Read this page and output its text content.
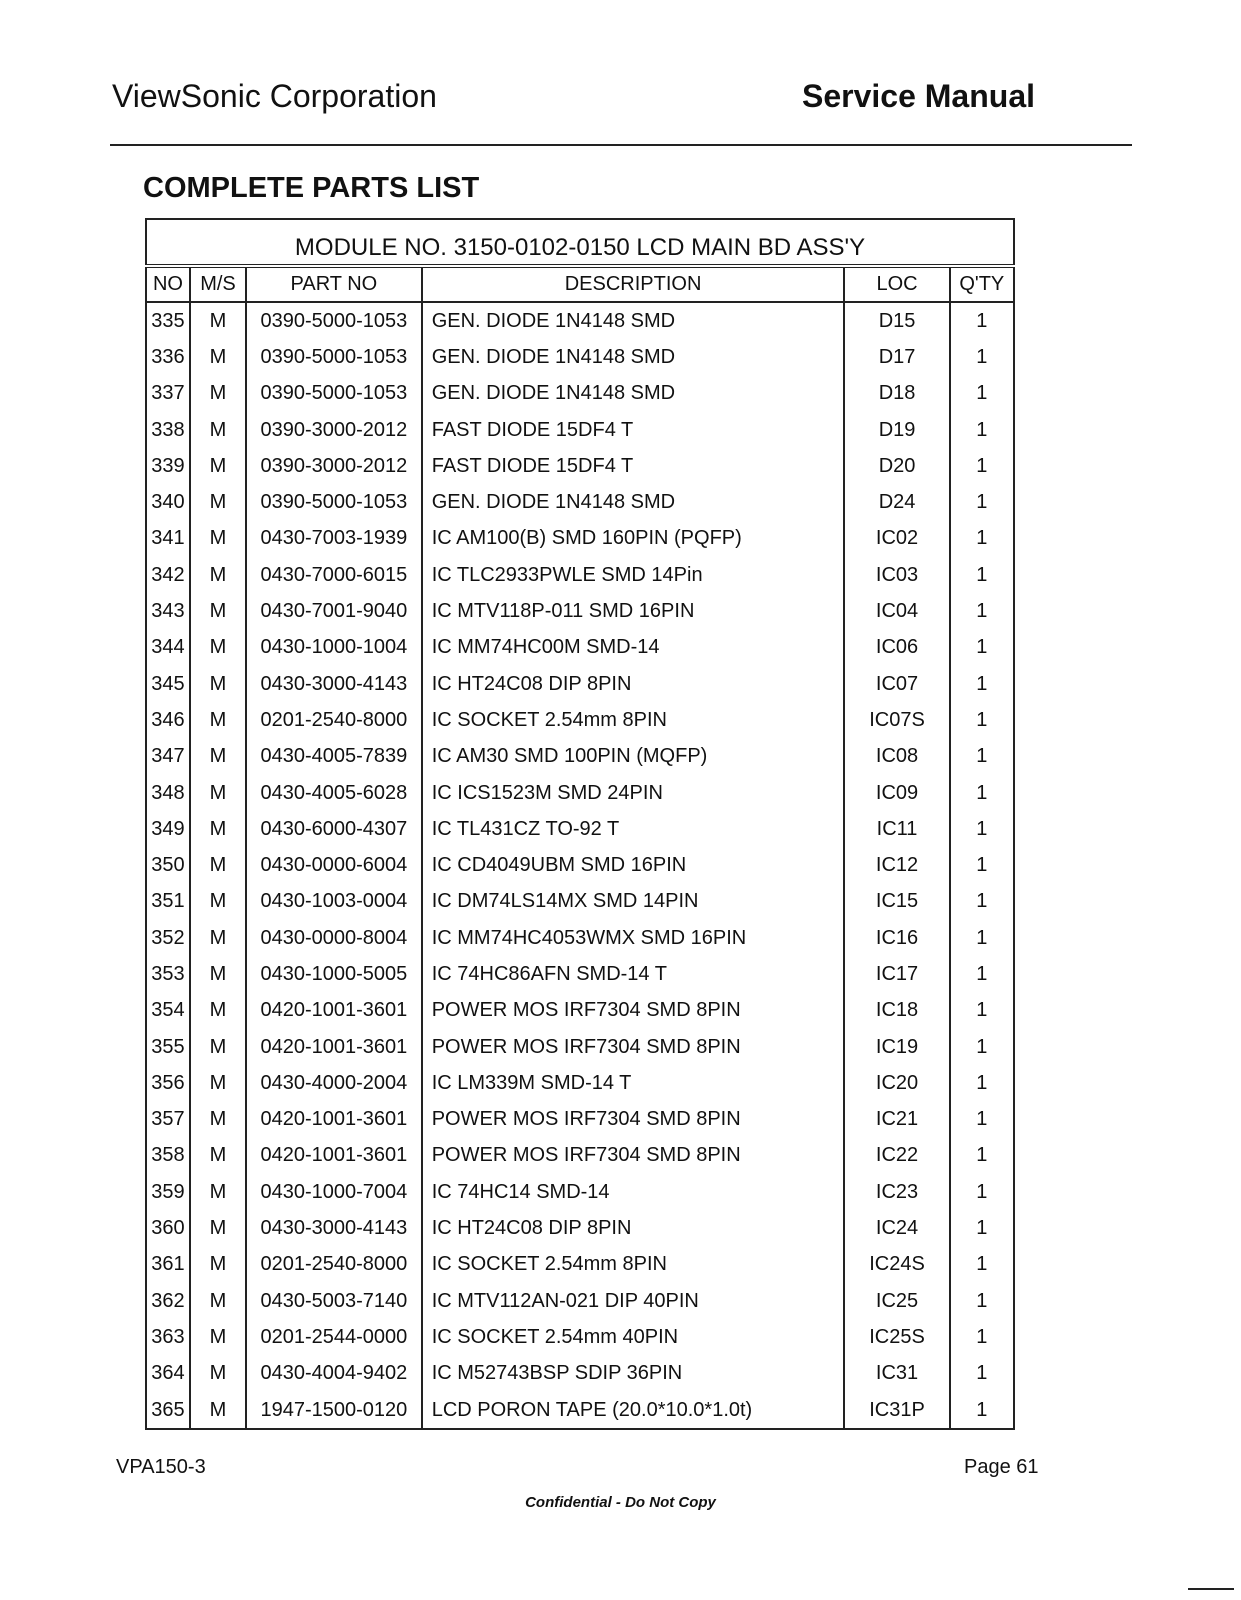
ViewSonic Corporation	Service Manual
COMPLETE PARTS LIST
MODULE NO. 3150-0102-0150 LCD MAIN BD ASS'Y					
NO	M/S	PART NO	DESCRIPTION	LOC	Q'TY
335	M	0390-5000-1053	GEN. DIODE 1N4148 SMD	D15	1
336	M	0390-5000-1053	GEN. DIODE 1N4148 SMD	D17	1
337	M	0390-5000-1053	GEN. DIODE 1N4148 SMD	D18	1
338	M	0390-3000-2012	FAST DIODE 15DF4 T	D19	1
339	M	0390-3000-2012	FAST DIODE 15DF4 T	D20	1
340	M	0390-5000-1053	GEN. DIODE 1N4148 SMD	D24	1
341	M	0430-7003-1939	IC AM100(B) SMD 160PIN (PQFP)	IC02	1
342	M	0430-7000-6015	IC TLC2933PWLE SMD 14Pin	IC03	1
343	M	0430-7001-9040	IC MTV118P-011 SMD 16PIN	IC04	1
344	M	0430-1000-1004	IC MM74HC00M SMD-14	IC06	1
345	M	0430-3000-4143	IC HT24C08 DIP 8PIN	IC07	1
346	M	0201-2540-8000	IC SOCKET 2.54mm 8PIN	IC07S	1
347	M	0430-4005-7839	IC AM30 SMD 100PIN (MQFP)	IC08	1
348	M	0430-4005-6028	IC ICS1523M SMD 24PIN	IC09	1
349	M	0430-6000-4307	IC TL431CZ TO-92 T	IC11	1
350	M	0430-0000-6004	IC CD4049UBM SMD 16PIN	IC12	1
351	M	0430-1003-0004	IC DM74LS14MX SMD 14PIN	IC15	1
352	M	0430-0000-8004	IC MM74HC4053WMX SMD 16PIN	IC16	1
353	M	0430-1000-5005	IC 74HC86AFN SMD-14 T	IC17	1
354	M	0420-1001-3601	POWER MOS IRF7304 SMD 8PIN	IC18	1
355	M	0420-1001-3601	POWER MOS IRF7304 SMD 8PIN	IC19	1
356	M	0430-4000-2004	IC LM339M SMD-14 T	IC20	1
357	M	0420-1001-3601	POWER MOS IRF7304 SMD 8PIN	IC21	1
358	M	0420-1001-3601	POWER MOS IRF7304 SMD 8PIN	IC22	1
359	M	0430-1000-7004	IC 74HC14 SMD-14	IC23	1
360	M	0430-3000-4143	IC HT24C08 DIP 8PIN	IC24	1
361	M	0201-2540-8000	IC SOCKET 2.54mm 8PIN	IC24S	1
362	M	0430-5003-7140	IC MTV112AN-021 DIP 40PIN	IC25	1
363	M	0201-2544-0000	IC SOCKET 2.54mm 40PIN	IC25S	1
364	M	0430-4004-9402	IC M52743BSP SDIP 36PIN	IC31	1
365	M	1947-1500-0120	LCD PORON TAPE (20.0*10.0*1.0t)	IC31P	1
VPA150-3	Page 61
Confidential - Do Not Copy
